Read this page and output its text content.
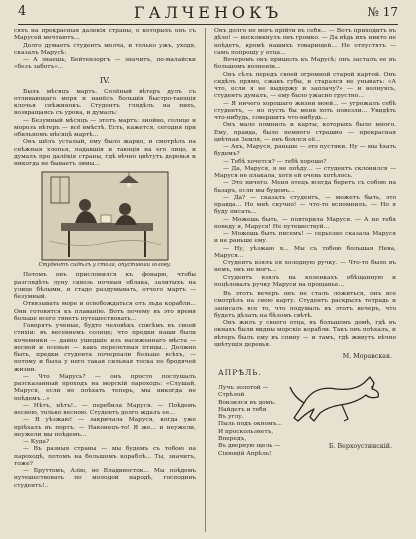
4	ГАЛЧЕНОКЪ	№ 17

сяхъ на прекрасныя далекія страны, о которыхъ онъ съ Марусей мечтаютъ...

Долго думаетъ студентъ молча, и только ужъ, уходя, сказалъ Марусѣ:

— А знаешь, Бейтензоргъ — значитъ, по-малайски «безъ заботъ»...

IV.

Былъ мѣсяцъ мартъ. Солёный вѣтеръ дулъ съ отливающаго моря и нанёсъ большія быстро-тающія клочья снѣжинокъ. Студентъ глядѣлъ на нихъ, возвращаясь съ урока, и думалъ:

— Безумный мѣсяцъ — этотъ мартъ: знойно, солнце и морозъ вѣтеръ — всё вмѣстѣ. Есть, кажется, сегодня при обильномъ мѣсяцѣ мартѣ...

Онъ шёлъ усталый, ему было жарко, и смотрѣлъ на снѣжныя хлопья, падавшія и тающія на его лицо, и думалъ про далёкія страны, гдѣ вѣчно цвѣтутъ деревья и никогда не бываетъ зимы...

Студентъ сидѣлъ у стола, опустивши голову.

Потомъ онъ прислонился къ фонарю, чтобы разглядѣть луну сквозь ночныя облака, залитыхъ на улице бѣлыми, и стадо раздумывать, отчего мартъ — безумный.

Отвязывать море и освобождаться отъ льда корабли... Они готовятся къ плаванію. Вотъ почему въ это время больше всего тянетъ путешествовать...

Говорятъ ученые, будто человѣкъ совсѣмъ въ своей стихіи: въ весеннемъ солнце; что предки наши были кочевники — давно ушедшіе изъ насиженнаго мѣста — весной и осенью — какъ перелетныя птицы... Должно быть, предки студента почерпали больше всѣхъ, — потому и была у него такая сильная тоска по бродячей жизни.

— Что Марусь? — онъ просто послушалъ разсказанный проходъ на морскій пароходъ: «Слушай, Маруся, если не поѣхать теперь, мы никогда не поѣдемъ...»

— Нѣтъ, нѣтъ!.. — перебила Маруся. — Поѣдемъ весною, только весною. Студентъ долго ждалъ ее...

— Я уѣзжаю! — закричала Маруся, когда уже пріѣхалъ въ портъ. — Наконецъ-то! Я же... и неужели, неужели мы поѣдемъ...

— Куда?

— Въ разныя страны — мы будемъ съ тобою на пароходѣ, потомъ на большомъ кораблѣ... Ты, значитъ, тоже?

— Бруттомъ, Азію, во Владивосток... Мы поѣдемъ путешествовать по молодой народѣ, господинъ студентъ!..

Онъ долго не могъ прійти въ себя... — Вотъ приходитъ въ дѣло! — воскликнулъ онъ громко. — Да вѣдь ихъ никто не поѣдетъ, кромѣ нашихъ товарищей... Не отпустятъ — самъ попрошу у отца...

Вечеромъ онъ пришелъ къ Марусѣ; онъ засталъ ее въ большомъ волненіи...

Онъ сѣлъ передъ своей огромной старой картой. Онъ сидѣлъ прямо, сжавъ губы, и старался не унывать: «А что, если я не выдержу и заплачу?» — и волнуясь, студентъ думалъ, — ему было ужасно грустно...

— Я ничего хорошаго жизни моей... — угрожалъ себѣ студентъ, — но пусть бы меня хоть повезли... Увидѣть что-нибудь, совершить что-нибудь...

Онъ мало помнилъ и карты, которыхъ было много. Ему, правда, было немного страшно — прекрасная цвѣтная Земля, — онъ боялся её...

— Ахъ, Маруся, раньше — это пустяки. Ну — мы ѣхать будемъ?

— Тебѣ хочется? — тебѣ хорошо?

— Да, Маруся, я не поѣду... — студентъ склонился — Маруся не плакала, хотя ей очень хотѣлось.

— Это ничего. Меня отецъ всегда беретъ съ собою на базаръ, если мы будемъ...

— Да? — сказалъ студентъ, — можетъ быть, это правда... Но мнѣ скучно! — что-то вспомнилъ. — Но я буду писать...

— Можешь быть, — повторила Маруся. — А не тебя поведу я, Маруся! Не путешествуй...

— Можешь быть писемъ! — серьезно сказала Маруся и не раньше ему.

— Ну, уѣзжаю я... Мы съ тобою большая Нева, Маруся...

Студентъ взялъ ея холодную ручку. — Что-то было въ немъ, онъ не могъ...

Студентъ взялъ на коленкахъ обѣщанную и поцѣловалъ ручку Маруси на прощанье...

Въ этотъ вечеръ онъ не сталъ ложиться, онъ все смотрѣлъ на свою карту. Студентъ раскрылъ тетрадь и записалъ все то, что подумалъ въ этотъ вечеръ, что будетъ дѣлать на бѣломъ свѣтѣ.

Онъ жилъ у своего отца, въ большомъ домѣ, гдѣ въ окнахъ были видны морскіе корабли. Такъ онъ поѣхалъ, и вѣтеръ былъ ему въ спину — и тамъ, гдѣ живутъ вѣчно цвѣтущія деревья.

М. Моравская.
АПРѢЛЬ.
Лучъ золотой —
Стрѣлой
Вонзился въ домъ.
Найдетъ и тебя
Въ углу.
Пыль подъ окномъ...
И проскользнетъ,
Впередъ,
Въ дверную щель —
Сіяющій Апрѣль!
Б. Верхоустинскій.
